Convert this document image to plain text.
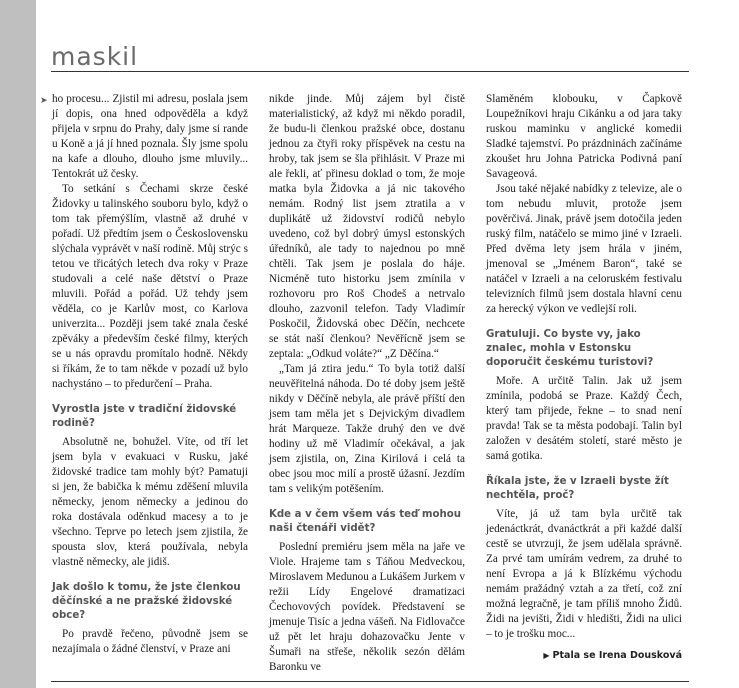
maskil
➤ ho procesu... Zjistil mi adresu, poslala jsem jí dopis, ona hned odpověděla a když přijela v srpnu do Prahy, daly jsme si rande u Koně a já jí hned poznala. Šly jsme spolu na kafe a dlouho, dlouho jsme mluvily... Tentokrát už česky.

To setkání s Čechami skrze české Židovky u talinského souboru bylo, když o tom tak přemýšlím, vlastně až druhé v pořadí. Už předtím jsem o Československu slýchala vyprávět v naší rodině. Můj strýc s tetou ve třicátých letech dva roky v Praze studovali a celé naše dětství o Praze mluvili. Pořád a pořád. Už tehdy jsem věděla, co je Karlův most, co Karlova univerzita... Později jsem také znala české zpěváky a především české filmy, kterých se u nás opravdu promítalo hodně. Někdy si říkám, že to tam někde v pozadí už bylo nachystáno – to předurčení – Praha.

Vyrostla jste v tradiční židovské rodině?

Absolutně ne, bohužel. Víte, od tří let jsem byla v evakuaci v Rusku, jaké židovské tradice tam mohly být? Pamatuji si jen, že babička k mému zděšení mluvila německy, jenom německy a jedinou do roka dostávala oděnkud macesy a to je všechno. Teprve po letech jsem zjistila, že spousta slov, která používala, nebyla vlastně německy, ale jidiš.

Jak došlo k tomu, že jste členkou děčínské a ne pražské židovské obce?

Po pravdě řečeno, původně jsem se nezajímala o žádné členství, v Praze ani

nikde jinde. Můj zájem byl čistě materialistický, až když mi někdo poradil, že budu-li členkou pražské obce, dostanu jednou za čtyři roky příspěvek na cestu na hroby, tak jsem se šla přihlásit. V Praze mi ale řekli, ať přinesu doklad o tom, že moje matka byla Židovka a já nic takového nemám. Rodný list jsem ztratila a v duplikátě už židovství rodičů nebylo uvedeno, což byl dobrý úmysl estonských úředníků, ale tady to najednou po mně chtěli. Tak jsem je poslala do háje. Nicméně tuto historku jsem zmínila v rozhovoru pro Roš Chodeš a netrvalo dlouho, zazvonil telefon. Tady Vladimír Poskočil, Židovská obec Děčín, nechcete se stát naší členkou? Nevěřícně jsem se zeptala: „Odkud voláte?“ „Z Děčína.“

„Tam já ztira jedu.“ To byla totiž další neuvěřitelná náhoda. Do té doby jsem ještě nikdy v Děčíně nebyla, ale právě příští den jsem tam měla jet s Dejvickým divadlem hrát Marqueze. Takže druhý den ve dvě hodiny už mě Vladimír očekával, a jak jsem zjistila, on, Zina Kirilová i celá ta obec jsou moc milí a prostě úžasní. Jezdím tam s velikým potěšením.

Kde a v čem všem vás teď mohou naši čtenáři vidět?

Poslední premiéru jsem měla na jaře ve Viole. Hrajeme tam s Táňou Medveckou, Miroslavem Medunou a Lukášem Jurkem v režii Lídy Engelové dramatizaci Čechovových povídek. Představení se jmenuje Tisíc a jedna vášeň. Na Fidlovačce už pět let hraju dohazovačku Jente v Šumaři na střeše, několik sezón dělám Baronku ve

Slaměném klobouku, v Čapkově Loupežníkovi hraju Cikánku a od jara taky ruskou maminku v anglické komedii Sladké tajemství. Po prázdninách začínáme zkoušet hru Johna Patricka Podivná paní Savageová.

Jsou také nějaké nabídky z televize, ale o tom nebudu mluvit, protože jsem pověrčivá. Jinak, právě jsem dotočila jeden ruský film, natáčelo se mimo jiné v Izraeli. Před dvěma lety jsem hrála v jiném, jmenoval se „Jménem Baron“, také se natáčel v Izraeli a na celoruském festivalu televizních filmů jsem dostala hlavní cenu za herecký výkon ve vedlejší roli.

Gratuluji. Co byste vy, jako znalec, mohla v Estonsku doporučit českému turistovi?

Moře. A určitě Talin. Jak už jsem zmínila, podobá se Praze. Každý Čech, který tam přijede, řekne – to snad není pravda! Tak se ta města podobají. Talin byl založen v desátém století, staré město je samá gotika.

Říkala jste, že v Izraeli byste žít nechtěla, proč?

Víte, já už tam byla určitě tak jedenáctkrát, dvanáctkrát a při každé další cestě se utvrzuji, že jsem udělala správně. Za prvé tam umírám vedrem, za druhé to není Evropa a já k Blízkému východu nemám pražádný vztah a za třetí, což zní možná legračně, je tam příliš mnoho Židů. Židi na jevišti, Židi v hledišti, Židi na ulici – to je trošku moc...

▶ Ptala se Irena Dousková
